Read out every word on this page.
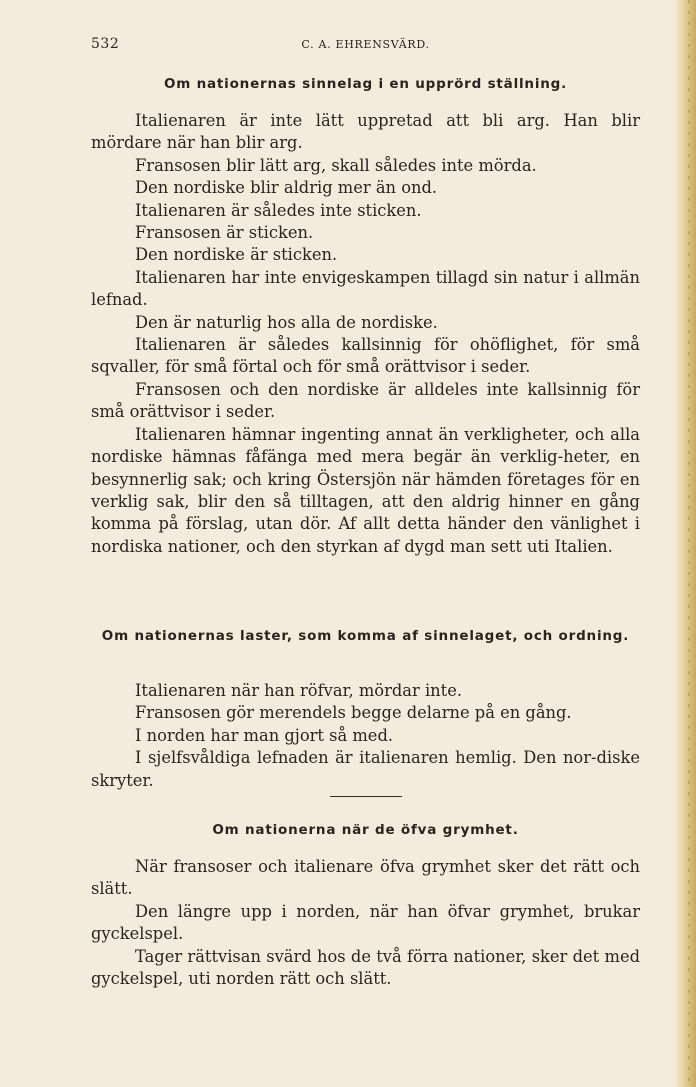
532	C. A. EHRENSVÄRD.
Om nationernas sinnelag i en upprörd ställning.

Italienaren är inte lätt uppretad att bli arg. Han blir mördare när han blir arg.

Fransosen blir lätt arg, skall således inte mörda.

Den nordiske blir aldrig mer än ond.

Italienaren är således inte sticken.

Fransosen är sticken.

Den nordiske är sticken.

Italienaren har inte envigeskampen tillagd sin natur i allmän lefnad.

Den är naturlig hos alla de nordiske.

Italienaren är således kallsinnig för ohöflighet, för små sqvaller, för små förtal och för små orättvisor i seder.

Fransosen och den nordiske är alldeles inte kallsinnig för små orättvisor i seder.

Italienaren hämnar ingenting annat än verkligheter, och alla nordiske hämnas fåfänga med mera begär än verklig-heter, en besynnerlig sak; och kring Östersjön när hämden företages för en verklig sak, blir den så tilltagen, att den aldrig hinner en gång komma på förslag, utan dör. Af allt detta händer den vänlighet i nordiska nationer, och den styrkan af dygd man sett uti Italien.

Om nationernas laster, som komma af sinnelaget, och ordning.

Italienaren när han röfvar, mördar inte.

Fransosen gör merendels begge delarne på en gång.

I norden har man gjort så med.

I sjelfsvåldiga lefnaden är italienaren hemlig. Den nor-diske skryter.

Om nationerna när de öfva grymhet.

När fransoser och italienare öfva grymhet sker det rätt och slätt.

Den längre upp i norden, när han öfvar grymhet, brukar gyckelspel.

Tager rättvisan svärd hos de två förra nationer, sker det med gyckelspel, uti norden rätt och slätt.
